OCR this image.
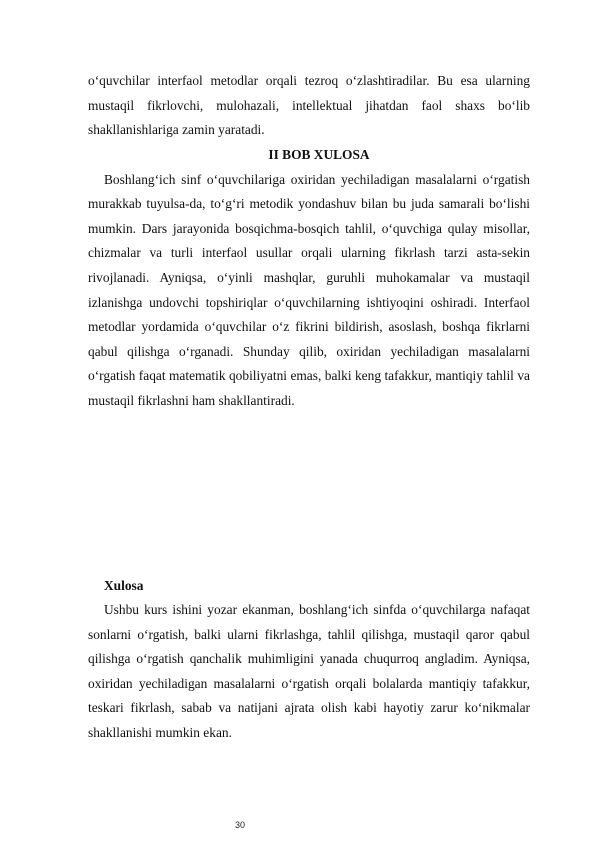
o‘quvchilar interfaol metodlar orqali tezroq o‘zlashtiradilar. Bu esa ularning mustaqil fikrlovchi, mulohazali, intellektual jihatdan faol shaxs bo‘lib shakllanishlariga zamin yaratadi.

II BOB XULOSA

Boshlang‘ich sinf o‘quvchilariga oxiridan yechiladigan masalalarni o‘rgatish murakkab tuyulsa-da, to‘g‘ri metodik yondashuv bilan bu juda samarali bo‘lishi mumkin. Dars jarayonida bosqichma-bosqich tahlil, o‘quvchiga qulay misollar, chizmalar va turli interfaol usullar orqali ularning fikrlash tarzi asta-sekin rivojlanadi. Ayniqsa, o‘yinli mashqlar, guruhli muhokamalar va mustaqil izlanishga undovchi topshiriqlar o‘quvchilarning ishtiyoqini oshiradi. Interfaol metodlar yordamida o‘quvchilar o‘z fikrini bildirish, asoslash, boshqa fikrlarni qabul qilishga o‘rganadi. Shunday qilib, oxiridan yechiladigan masalalarni o‘rgatish faqat matematik qobiliyatni emas, balki keng tafakkur, mantiqiy tahlil va mustaqil fikrlashni ham shakllantiradi.

Xulosa

Ushbu kurs ishini yozar ekanman, boshlang‘ich sinfda o‘quvchilarga nafaqat sonlarni o‘rgatish, balki ularni fikrlashga, tahlil qilishga, mustaqil qaror qabul qilishga o‘rgatish qanchalik muhimligini yanada chuqurroq angladim. Ayniqsa, oxiridan yechiladigan masalalarni o‘rgatish orqali bolalarda mantiqiy tafakkur, teskari fikrlash, sabab va natijani ajrata olish kabi hayotiy zarur ko‘nikmalar shakllanishi mumkin ekan.

30
